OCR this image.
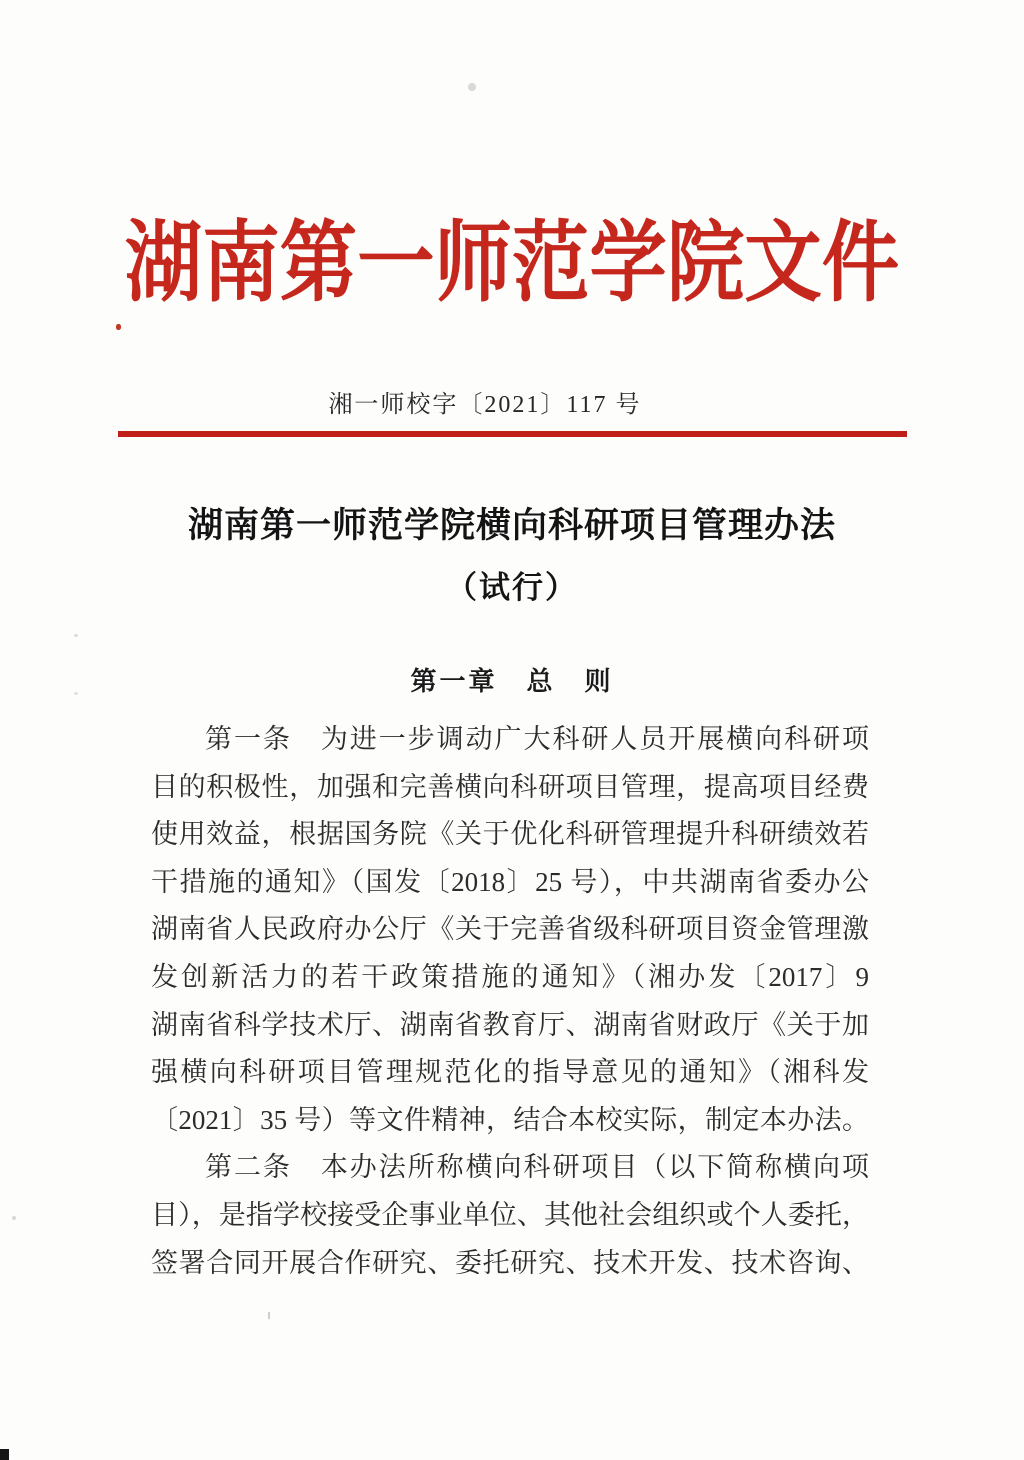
湖南第一师范学院文件
湘一师校字〔2021〕117 号
湖南第一师范学院横向科研项目管理办法
（试行）
第一章　总　则
第一条　为进一步调动广大科研人员开展横向科研项
目的积极性，加强和完善横向科研项目管理，提高项目经费
使用效益，根据国务院《关于优化科研管理提升科研绩效若
干措施的通知》（国发〔2018〕25 号），中共湖南省委办公
湖南省人民政府办公厅《关于完善省级科研项目资金管理激
发创新活力的若干政策措施的通知》（湘办发〔2017〕9
湖南省科学技术厅、湖南省教育厅、湖南省财政厅《关于加
强横向科研项目管理规范化的指导意见的通知》（湘科发
〔2021〕35 号）等文件精神，结合本校实际，制定本办法。
第二条　本办法所称横向科研项目（以下简称横向项
目），是指学校接受企事业单位、其他社会组织或个人委托，
签署合同开展合作研究、委托研究、技术开发、技术咨询、
